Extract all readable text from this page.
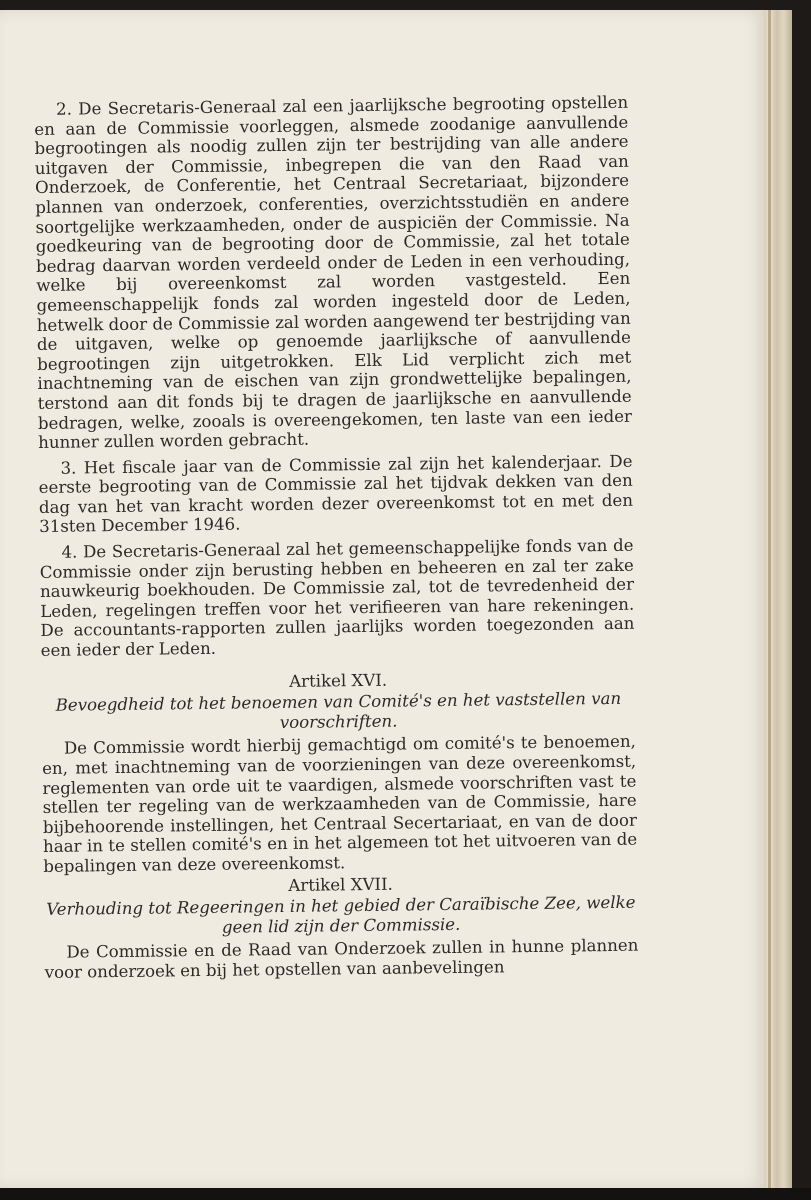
2. De Secretaris-Generaal zal een jaarlijksche begrooting opstellen en aan de Commissie voorleggen, alsmede zoodanige aanvullende begrootingen als noodig zullen zijn ter bestrijding van alle andere uitgaven der Commissie, inbegrepen die van den Raad van Onderzoek, de Conferentie, het Centraal Secretariaat, bijzondere plannen van onderzoek, conferenties, overzichtsstudiën en andere soortgelijke werkzaamheden, onder de auspiciën der Commissie. Na goedkeuring van de begrooting door de Commissie, zal het totale bedrag daarvan worden verdeeld onder de Leden in een verhouding, welke bij overeenkomst zal worden vastgesteld. Een gemeenschappelijk fonds zal worden ingesteld door de Leden, hetwelk door de Commissie zal worden aangewend ter bestrijding van de uitgaven, welke op genoemde jaarlijksche of aanvullende begrootingen zijn uitgetrokken. Elk Lid verplicht zich met inachtneming van de eischen van zijn grondwettelijke bepalingen, terstond aan dit fonds bij te dragen de jaarlijksche en aanvullende bedragen, welke, zooals is overeengekomen, ten laste van een ieder hunner zullen worden gebracht.

3. Het fiscale jaar van de Commissie zal zijn het kalenderjaar. De eerste begrooting van de Commissie zal het tijdvak dekken van den dag van het van kracht worden dezer overeenkomst tot en met den 31sten December 1946.

4. De Secretaris-Generaal zal het gemeenschappelijke fonds van de Commissie onder zijn berusting hebben en beheeren en zal ter zake nauwkeurig boekhouden. De Commissie zal, tot de tevredenheid der Leden, regelingen treffen voor het verifieeren van hare rekeningen. De accountants-rapporten zullen jaarlijks worden toegezonden aan een ieder der Leden.

Artikel XVI.

Bevoegdheid tot het benoemen van Comité's en het vaststellen van voorschriften.

De Commissie wordt hierbij gemachtigd om comité's te benoemen, en, met inachtneming van de voorzieningen van deze overeenkomst, reglementen van orde uit te vaardigen, alsmede voorschriften vast te stellen ter regeling van de werkzaamheden van de Commissie, hare bijbehoorende instellingen, het Centraal Secertariaat, en van de door haar in te stellen comité's en in het algemeen tot het uitvoeren van de bepalingen van deze overeenkomst.

Artikel XVII.

Verhouding tot Regeeringen in het gebied der Caraïbische Zee, welke geen lid zijn der Commissie.

De Commissie en de Raad van Onderzoek zullen in hunne plannen voor onderzoek en bij het opstellen van aanbevelingen
